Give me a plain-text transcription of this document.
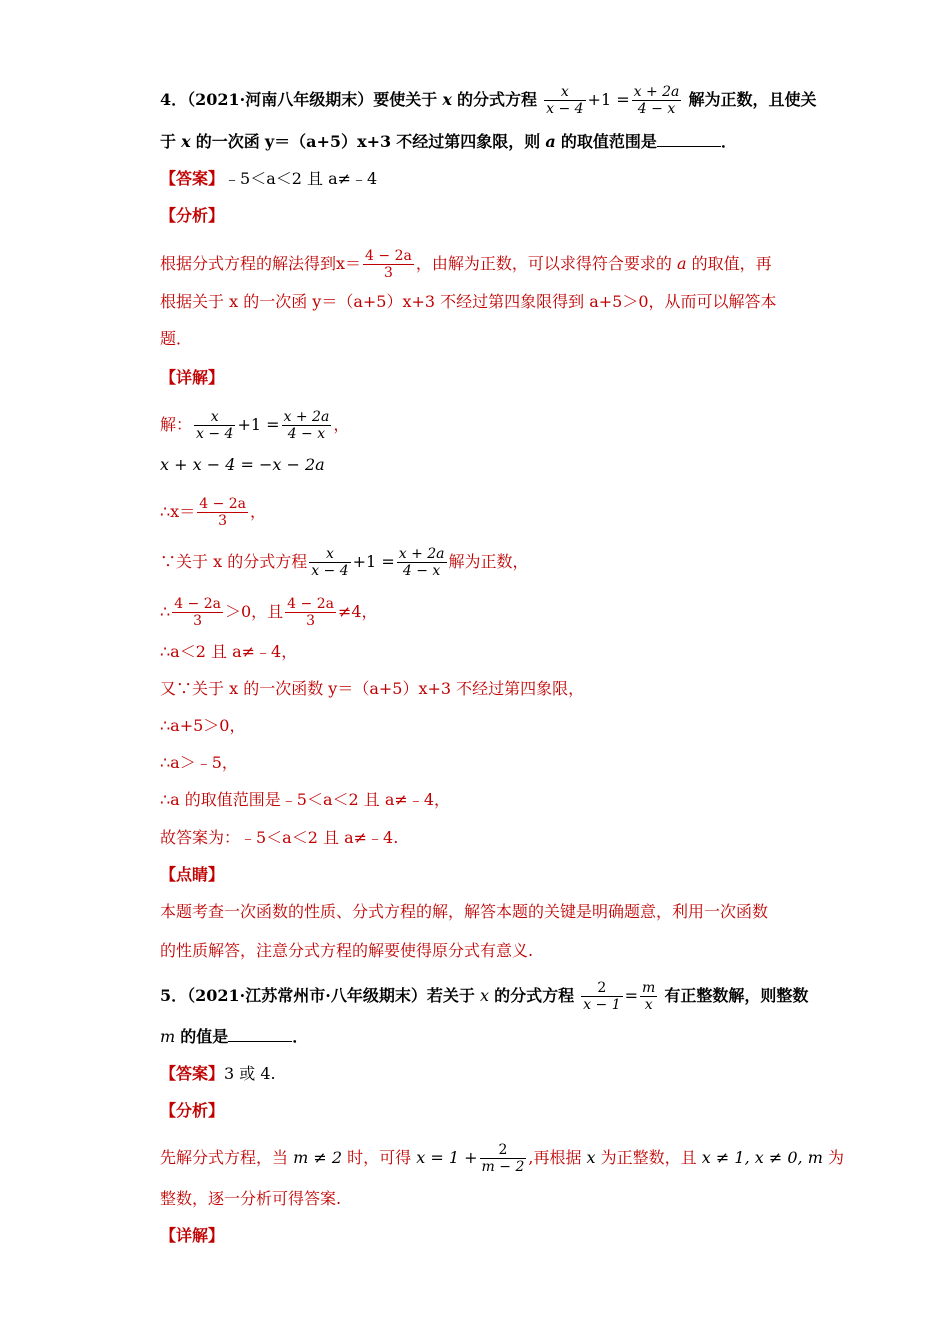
4．（2021·河南八年级期末）要使关于 x 的分式方程 $\frac{x}{x - 4} +1 = \frac{x + 2a}{4 - x}$ 解为正数，且使关
于 x 的一次函 y＝（a+5）x+3 不经过第四象限，则 a 的取值范围是	．
【答案】﹣5＜a＜2 且 a≠﹣4
【分析】
根据分式方程的解法得到$x= \frac{4 - 2a}{3}$ ，由解为正数，可以求得符合要求的 a 的取值，再
根据关于 x 的一次函 y＝（a+5）x+3 不经过第四象限得到 a+5＞0，从而可以解答本
题．
【详解】
解： $\frac{x}{x - 4} +1 = \frac{x + 2a}{4 - x}$ ，
x + x − 4 = −x − 2a
∴x＝ $\frac{4 - 2a}{3}$ ，
∵关于 x 的分式方程 $\frac{x}{x - 4} +1 = \frac{x + 2a}{4 - x}$ 解为正数，
∴ $\frac{4 - 2a}{3} >0$，且 $\frac{4 - 2a}{3} \ne 4$，
∴a＜2 且 a≠﹣4，
又∵关于 x 的一次函数 y＝（a+5）x+3 不经过第四象限，
∴a+5＞0，
∴a＞﹣5，
∴a 的取值范围是﹣5＜a＜2 且 a≠﹣4，
故答案为：﹣5＜a＜2 且 a≠﹣4.
【点睛】
本题考查一次函数的性质、分式方程的解，解答本题的关键是明确题意，利用一次函数
的性质解答，注意分式方程的解要使得原分式有意义.
5．（2021·江苏常州市·八年级期末）若关于 x 的分式方程 $\frac{2}{x - 1} = \frac{m}{x}$ 有正整数解，则整数
m 的值是	．
【答案】3 或 4.
【分析】
先解分式方程，当 m ≠ 2 时，可得 $x = 1 + \frac{2}{m - 2}$ ,再根据 x 为正整数，且 x ≠ 1, x ≠ 0, m 为
整数，逐一分析可得答案.
【详解】
